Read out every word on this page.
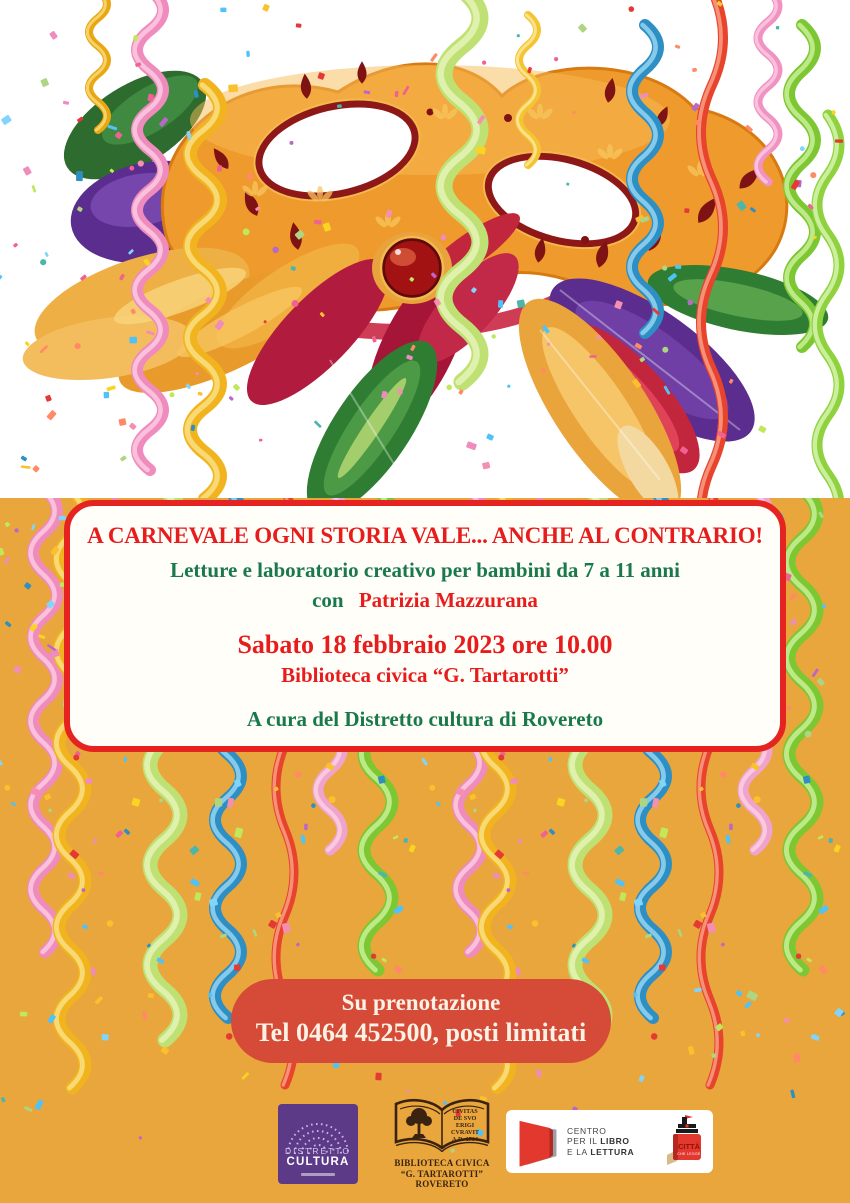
A CARNEVALE OGNI STORIA VALE... ANCHE AL CONTRARIO!
Letture e laboratorio creativo per bambini da 7 a 11 anni
con Patrizia Mazzurana
Sabato 18 febbraio 2023 ore 10.00
Biblioteca civica “G. Tartarotti”
A cura del Distretto cultura di Rovereto
Su prenotazione
Tel 0464 452500, posti limitati
DISTRETTO
CULTURA
CIVITAS
DE SVO
ERIGI
CVRAVIT
A.D. 1764
BIBLIOTECA CIVICA
“G. TARTAROTTI”
ROVERETO
CENTRO
PER IL LIBRO
E LA LETTURA
CITTÀ
CHE LEGGE
